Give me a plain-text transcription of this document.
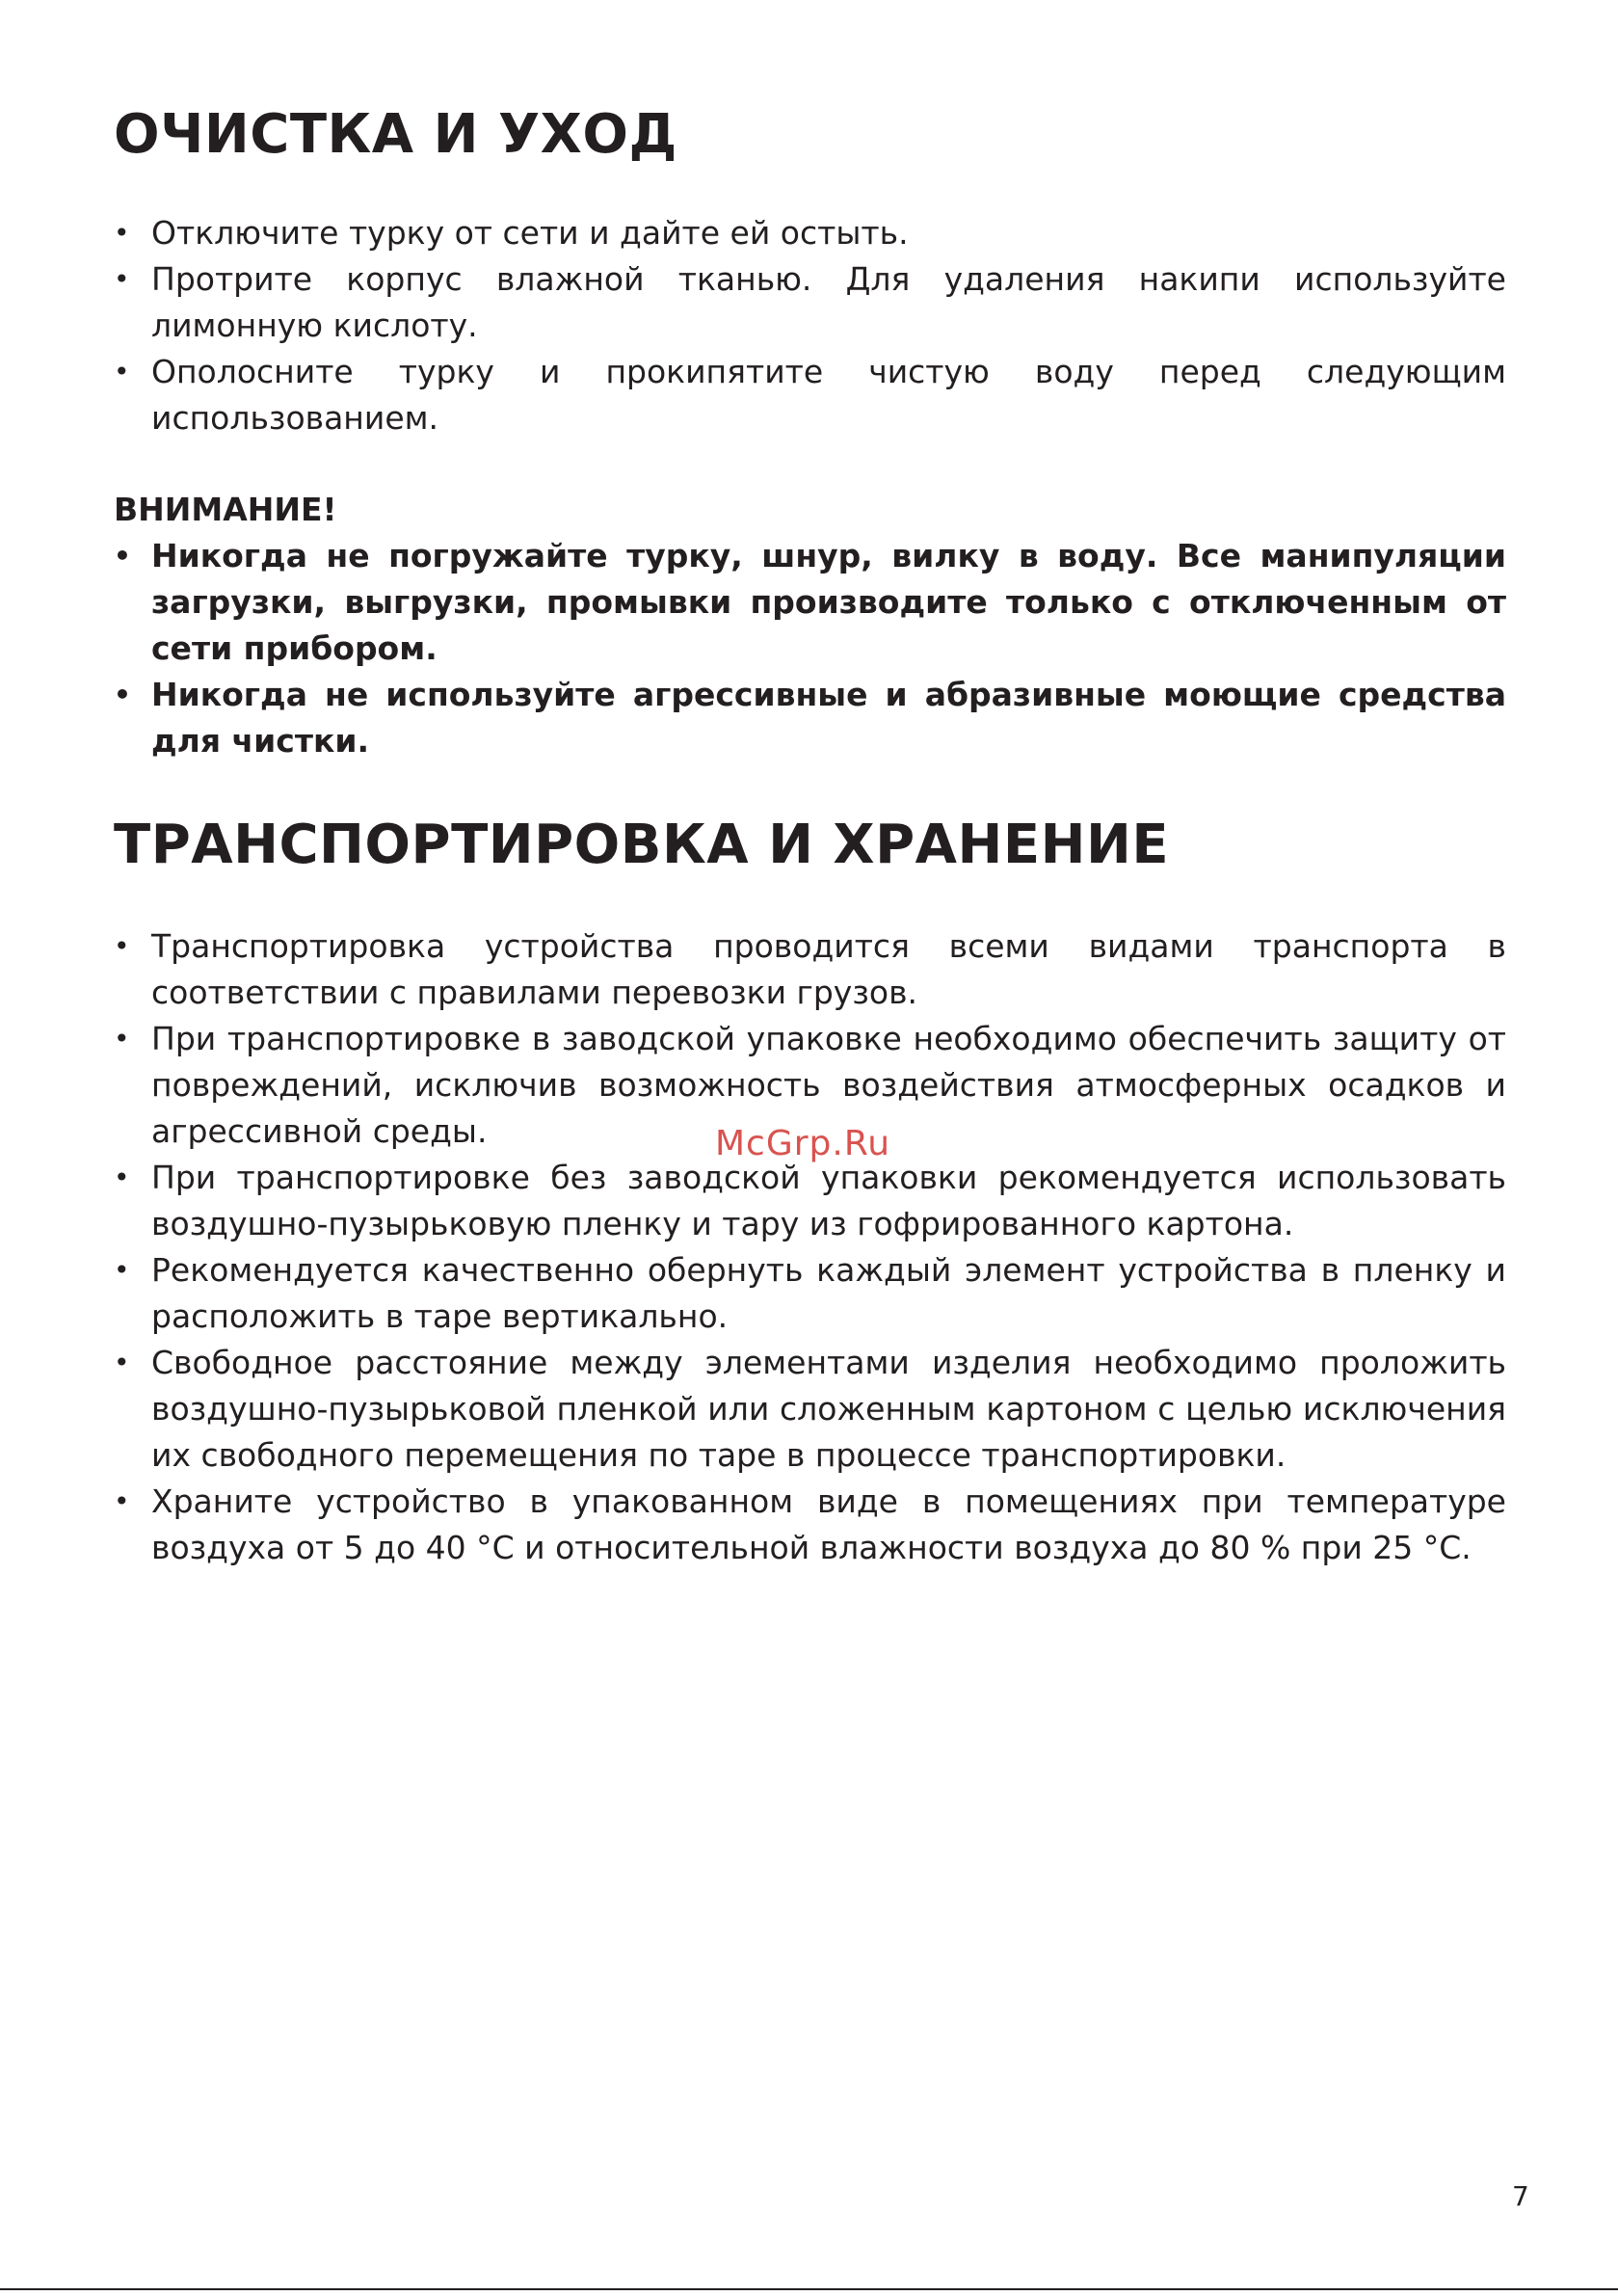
ОЧИСТКА И УХОД
• Отключите турку от сети и дайте ей остыть.
• Протрите корпус влажной тканью. Для удаления накипи используйте лимонную кислоту.
• Ополосните турку и прокипятите чистую воду перед следующим использованием.

ВНИМАНИЕ!

• Никогда не погружайте турку, шнур, вилку в воду. Все манипуляции загрузки, выгрузки, промывки производите только с отключенным от сети прибором.
• Никогда не используйте агрессивные и абразивные моющие средства для чистки.
ТРАНСПОРТИРОВКА И ХРАНЕНИЕ
• Транспортировка устройства проводится всеми видами транспорта в соответствии с правилами перевозки грузов.
• При транспортировке в заводской упаковке необходимо обеспечить защиту от повреждений, исключив возможность воздействия атмосферных осадков и агрессивной среды.
• При транспортировке без заводской упаковки рекомендуется использовать воздушно-пузырьковую пленку и тару из гофрированного картона.
• Рекомендуется качественно обернуть каждый элемент устройства в пленку и расположить в таре вертикально.
• Свободное расстояние между элементами изделия необходимо проложить воздушно-пузырьковой пленкой или сложенным картоном с целью исключения их свободного перемещения по таре в процессе транспортировки.
• Храните устройство в упакованном виде в помещениях при температуре воздуха от 5 до 40 °С и относительной влажности воздуха до 80 % при 25 °С.
McGrp.Ru
7
